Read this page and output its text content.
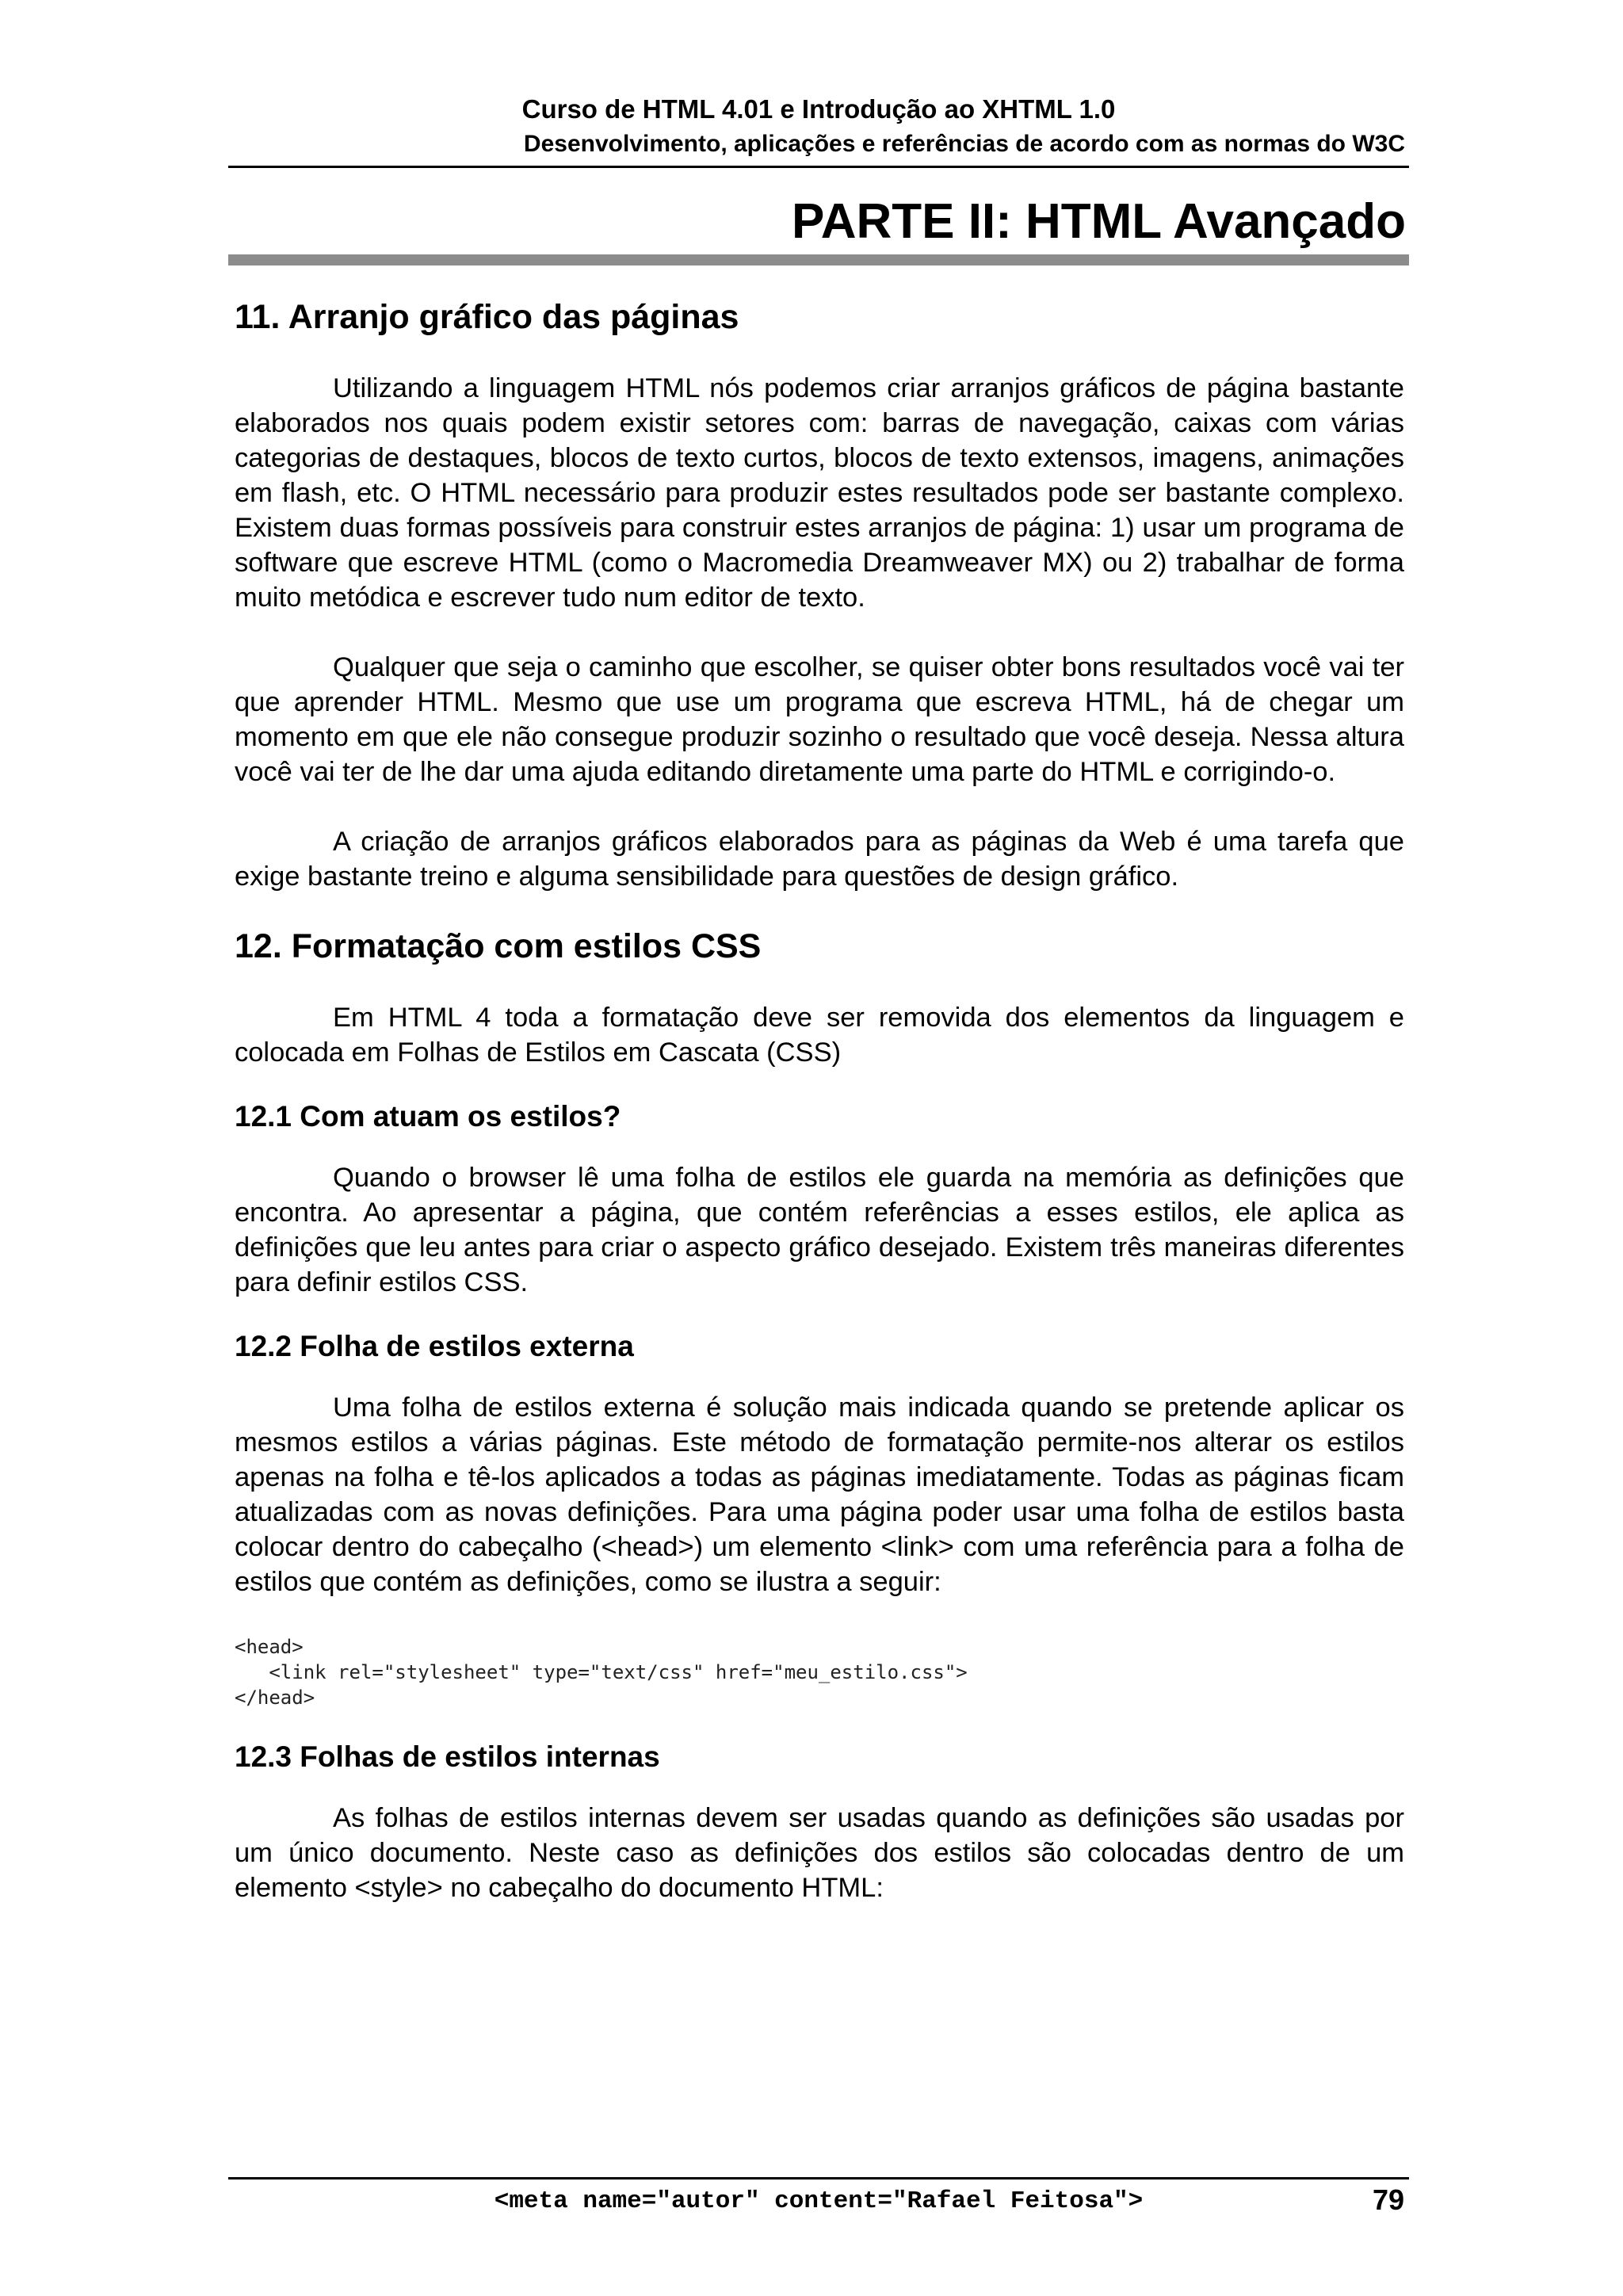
Curso de HTML 4.01 e Introdução ao XHTML 1.0
Desenvolvimento, aplicações e referências de acordo com as normas do W3C
PARTE II: HTML Avançado
11. Arranjo gráfico das páginas

Utilizando a linguagem HTML nós podemos criar arranjos gráficos de página bastante elaborados nos quais podem existir setores com: barras de navegação, caixas com várias categorias de destaques, blocos de texto curtos, blocos de texto extensos, imagens, animações em flash, etc. O HTML necessário para produzir estes resultados pode ser bastante complexo. Existem duas formas possíveis para construir estes arranjos de página: 1) usar um programa de software que escreve HTML (como o Macromedia Dreamweaver MX) ou 2) trabalhar de forma muito metódica e escrever tudo num editor de texto.

Qualquer que seja o caminho que escolher, se quiser obter bons resultados você vai ter que aprender HTML. Mesmo que use um programa que escreva HTML, há de chegar um momento em que ele não consegue produzir sozinho o resultado que você deseja. Nessa altura você vai ter de lhe dar uma ajuda editando diretamente uma parte do HTML e corrigindo-o.

A criação de arranjos gráficos elaborados para as páginas da Web é uma tarefa que exige bastante treino e alguma sensibilidade para questões de design gráfico.

12. Formatação com estilos CSS

Em HTML 4 toda a formatação deve ser removida dos elementos da linguagem e colocada em Folhas de Estilos em Cascata (CSS)

12.1 Com atuam os estilos?

Quando o browser lê uma folha de estilos ele guarda na memória as definições que encontra. Ao apresentar a página, que contém referências a esses estilos, ele aplica as definições que leu antes para criar o aspecto gráfico desejado. Existem três maneiras diferentes para definir estilos CSS.

12.2 Folha de estilos externa

Uma folha de estilos externa é solução mais indicada quando se pretende aplicar os mesmos estilos a várias páginas. Este método de formatação permite-nos alterar os estilos apenas na folha e tê-los aplicados a todas as páginas imediatamente. Todas as páginas ficam atualizadas com as novas definições. Para uma página poder usar uma folha de estilos basta colocar dentro do cabeçalho (<head>) um elemento <link> com uma referência para a folha de estilos que contém as definições, como se ilustra a seguir:

<head>
<link rel="stylesheet" type="text/css" href="meu_estilo.css">
</head>
12.3 Folhas de estilos internas

As folhas de estilos internas devem ser usadas quando as definições são usadas por um único documento. Neste caso as definições dos estilos são colocadas dentro de um elemento <style> no cabeçalho do documento HTML:

<meta name="autor" content="Rafael Feitosa">	79
